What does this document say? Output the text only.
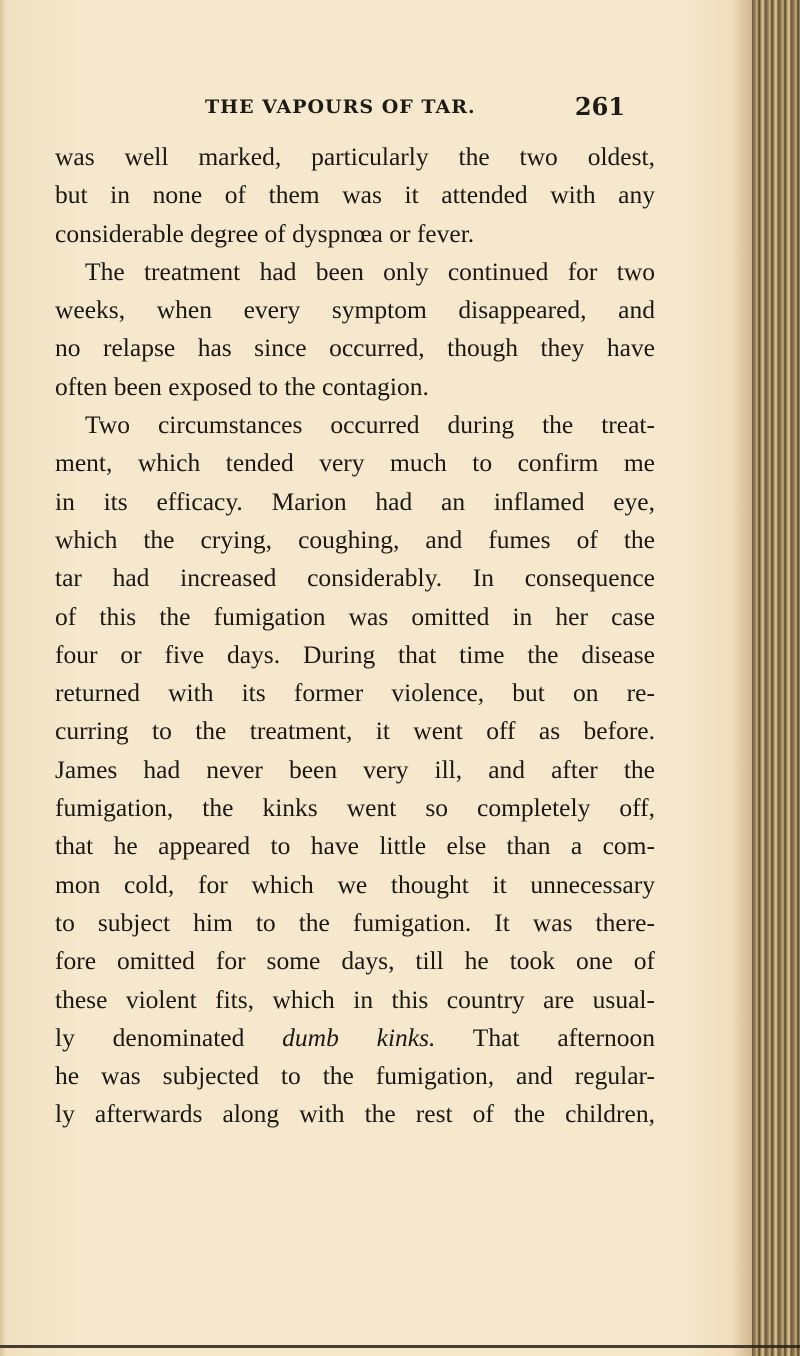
THE VAPOURS OF TAR.	261
was well marked, particularly the two oldest,
but in none of them was it attended with any
considerable degree of dyspnœa or fever.
The treatment had been only continued for two
weeks, when every symptom disappeared, and
no relapse has since occurred, though they have
often been exposed to the contagion.
Two circumstances occurred during the treat-
ment, which tended very much to confirm me
in its efficacy. Marion had an inflamed eye,
which the crying, coughing, and fumes of the
tar had increased considerably. In consequence
of this the fumigation was omitted in her case
four or five days. During that time the disease
returned with its former violence, but on re-
curring to the treatment, it went off as before.
James had never been very ill, and after the
fumigation, the kinks went so completely off,
that he appeared to have little else than a com-
mon cold, for which we thought it unnecessary
to subject him to the fumigation. It was there-
fore omitted for some days, till he took one of
these violent fits, which in this country are usual-
ly denominated dumb kinks. That afternoon
he was subjected to the fumigation, and regular-
ly afterwards along with the rest of the children,
